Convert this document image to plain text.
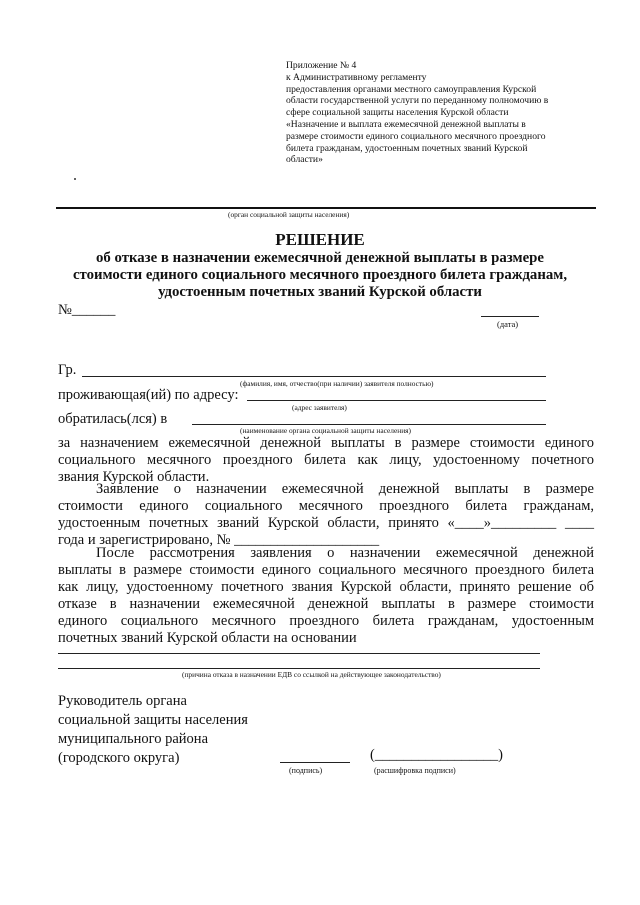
Приложение № 4
к Административному регламенту
предоставления органами местного самоуправления Курской
области государственной услуги по переданному полномочию в
сфере социальной защиты населения Курской области
«Назначение и выплата ежемесячной денежной выплаты в
размере стоимости единого социального месячного проездного
билета гражданам, удостоенным почетных званий Курской
области»
(орган социальной защиты населения)
РЕШЕНИЕ
об отказе в назначении ежемесячной денежной выплаты в размере
стоимости единого социального месячного проездного билета гражданам,
удостоенным почетных званий Курской области
№______
(дата)
Гр.
(фамилия, имя, отчество(при наличии) заявителя полностью)
проживающая(ий) по адресу:
(адрес заявителя)
обратилась(лся) в
(наименование органа социальной защиты населения)
за назначением ежемесячной денежной выплаты в размере стоимости единого
социального месячного проездного билета как лицу, удостоенному почетного
звания Курской области.
Заявление о назначении ежемесячной денежной выплаты в размере
стоимости единого социального месячного проездного билета гражданам,
удостоенным почетных званий Курской области, принято «____»_________ ____
года и зарегистрировано, № ____________________
После рассмотрения заявления о назначении ежемесячной денежной
выплаты в размере стоимости единого социального месячного проездного билета
как лицу, удостоенному почетного звания Курской области, принято решение об
отказе в назначении ежемесячной денежной выплаты в размере стоимости
единого социального месячного проездного билета гражданам, удостоенным
почетных званий Курской области на основании
(причина отказа в назначении ЕДВ со ссылкой на действующее законодательство)
Руководитель органа
социальной защиты населения
муниципального района
(городского округа)
(подпись)
(_________________)
(расшифровка подписи)
